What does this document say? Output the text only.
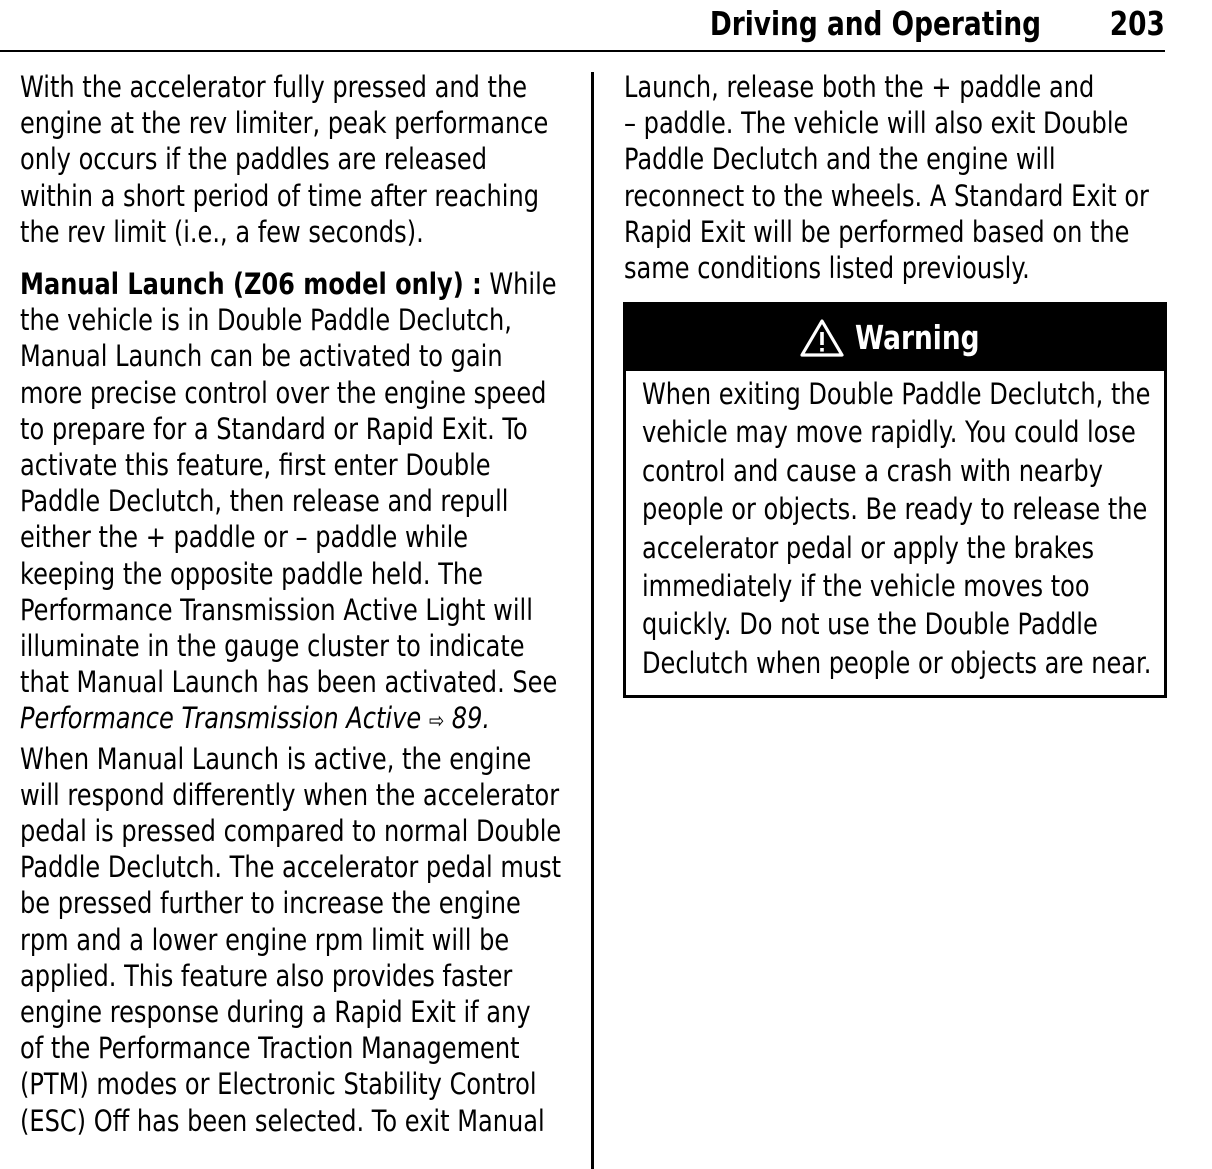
Driving and Operating 203
With the accelerator fully pressed and the
engine at the rev limiter, peak performance
only occurs if the paddles are released
within a short period of time after reaching
the rev limit (i.e., a few seconds).
Manual Launch (Z06 model only) : While
the vehicle is in Double Paddle Declutch,
Manual Launch can be activated to gain
more precise control over the engine speed
to prepare for a Standard or Rapid Exit. To
activate this feature, first enter Double
Paddle Declutch, then release and repull
either the + paddle or – paddle while
keeping the opposite paddle held. The
Performance Transmission Active Light will
illuminate in the gauge cluster to indicate
that Manual Launch has been activated. See
Performance Transmission Active ⇨ 89.
When Manual Launch is active, the engine
will respond differently when the accelerator
pedal is pressed compared to normal Double
Paddle Declutch. The accelerator pedal must
be pressed further to increase the engine
rpm and a lower engine rpm limit will be
applied. This feature also provides faster
engine response during a Rapid Exit if any
of the Performance Traction Management
(PTM) modes or Electronic Stability Control
(ESC) Off has been selected. To exit Manual
Launch, release both the + paddle and
– paddle. The vehicle will also exit Double
Paddle Declutch and the engine will
reconnect to the wheels. A Standard Exit or
Rapid Exit will be performed based on the
same conditions listed previously.
Warning
When exiting Double Paddle Declutch, the
vehicle may move rapidly. You could lose
control and cause a crash with nearby
people or objects. Be ready to release the
accelerator pedal or apply the brakes
immediately if the vehicle moves too
quickly. Do not use the Double Paddle
Declutch when people or objects are near.
